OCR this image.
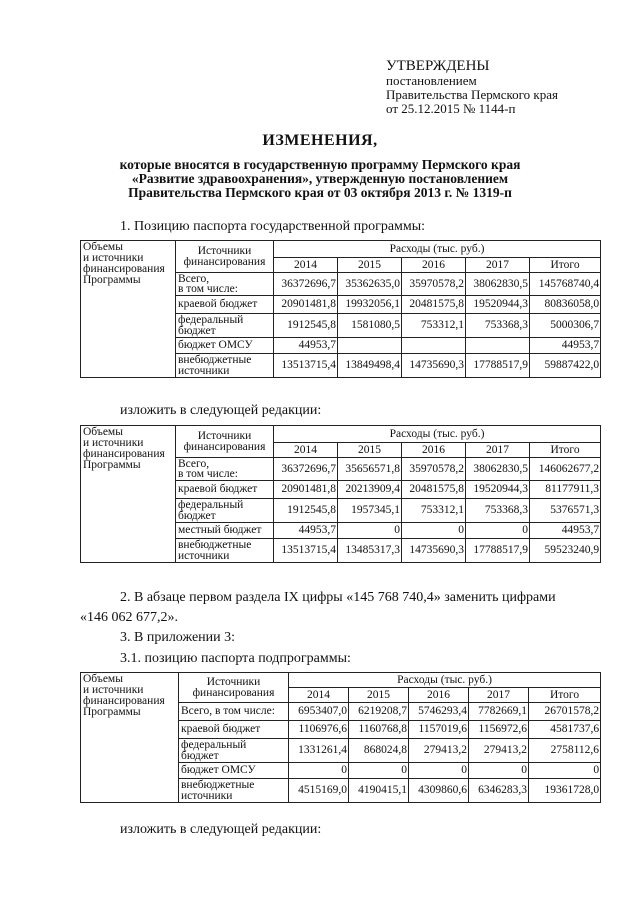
УТВЕРЖДЕНЫ
постановлением
Правительства Пермского края
от 25.12.2015 № 1144-п
ИЗМЕНЕНИЯ,
которые вносятся в государственную программу Пермского края
«Развитие здравоохранения», утвержденную постановлением
Правительства Пермского края от 03 октября 2013 г. № 1319-п
1. Позицию паспорта государственной программы:
Объемы
и источники
финансирования
Программы	Источники
финансирования	Расходы (тыс. руб.)				
		2014	2015	2016	2017	Итого
	Всего,
в том числе:	36372696,7	35362635,0	35970578,2	38062830,5	145768740,4
	краевой бюджет	20901481,8	19932056,1	20481575,8	19520944,3	80836058,0
	федеральный
бюджет	1912545,8	1581080,5	753312,1	753368,3	5000306,7
	бюджет ОМСУ	44953,7				44953,7
	внебюджетные
источники	13513715,4	13849498,4	14735690,3	17788517,9	59887422,0
изложить в следующей редакции:
Объемы
и источники
финансирования
Программы	Источники
финансирования	Расходы (тыс. руб.)				
		2014	2015	2016	2017	Итого
	Всего,
в том числе:	36372696,7	35656571,8	35970578,2	38062830,5	146062677,2
	краевой бюджет	20901481,8	20213909,4	20481575,8	19520944,3	81177911,3
	федеральный
бюджет	1912545,8	1957345,1	753312,1	753368,3	5376571,3
	местный бюджет	44953,7	0	0	0	44953,7
	внебюджетные
источники	13513715,4	13485317,3	14735690,3	17788517,9	59523240,9
2. В абзаце первом раздела IX цифры «145 768 740,4» заменить цифрами
«146 062 677,2».
3. В приложении 3:
3.1. позицию паспорта подпрограммы:
Объемы
и источники
финансирования
Программы	Источники
финансирования	Расходы (тыс. руб.)				
		2014	2015	2016	2017	Итого
	Всего, в том числе:	6953407,0	6219208,7	5746293,4	7782669,1	26701578,2
	краевой бюджет	1106976,6	1160768,8	1157019,6	1156972,6	4581737,6
	федеральный
бюджет	1331261,4	868024,8	279413,2	279413,2	2758112,6
	бюджет ОМСУ	0	0	0	0	0
	внебюджетные
источники	4515169,0	4190415,1	4309860,6	6346283,3	19361728,0
изложить в следующей редакции:
